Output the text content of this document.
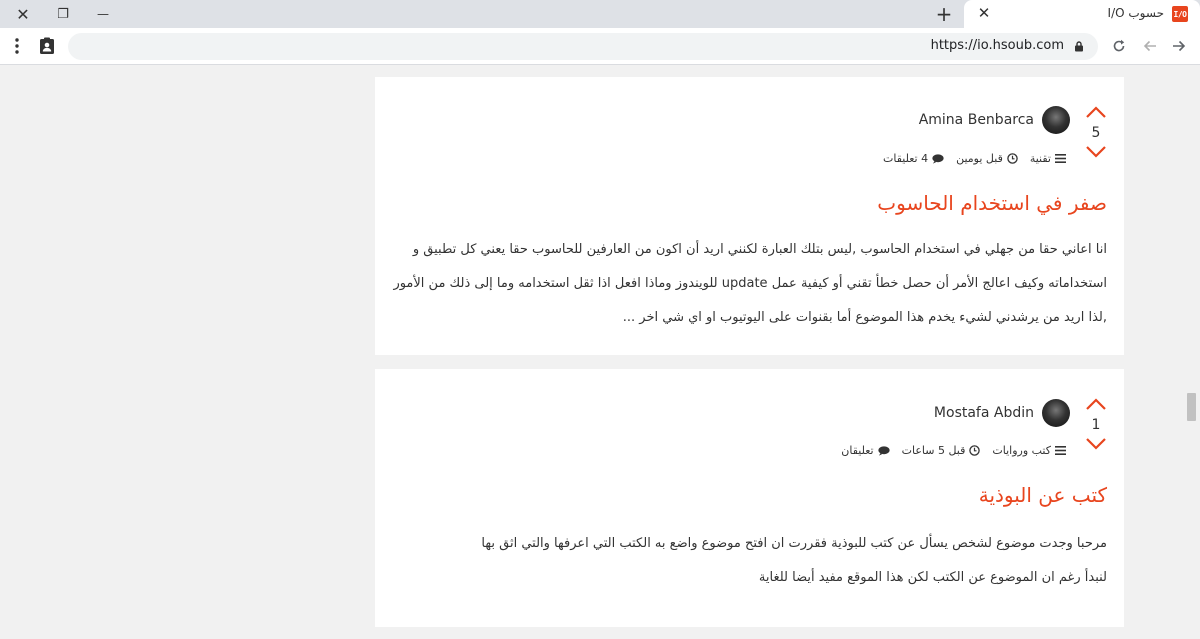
✕ ❐ —	+	I/O
حسوب I/O
✕
https://io.hsoub.com
5
Amina Benbarca
تقنية
قبل يومين
4 تعليقات
صفر في استخدام الحاسوب

انا اعاني حقا من جهلي في استخدام الحاسوب ,ليس بتلك العبارة لكنني اريد أن اكون من العارفين للحاسوب حقا يعني كل تطبيق و استخداماته وكيف اعالج الأمر أن حصل خطأ تقني أو كيفية عمل update للويندوز وماذا افعل اذا ثقل استخدامه وما إلى ذلك من الأمور ,لذا اريد من يرشدني لشيء يخدم هذا الموضوع أما بقنوات على اليوتيوب او اي شي اخر ...

1
Mostafa Abdin
كتب وروايات
قبل 5 ساعات
تعليقان
كتب عن البوذية

مرحبا وجدت موضوع لشخص يسأل عن كتب للبوذية فقررت ان افتح موضوع واضع به الكتب التي اعرفها والتي اثق بها

لنبدأ رغم ان الموضوع عن الكتب لكن هذا الموقع مفيد أيضا للغاية
